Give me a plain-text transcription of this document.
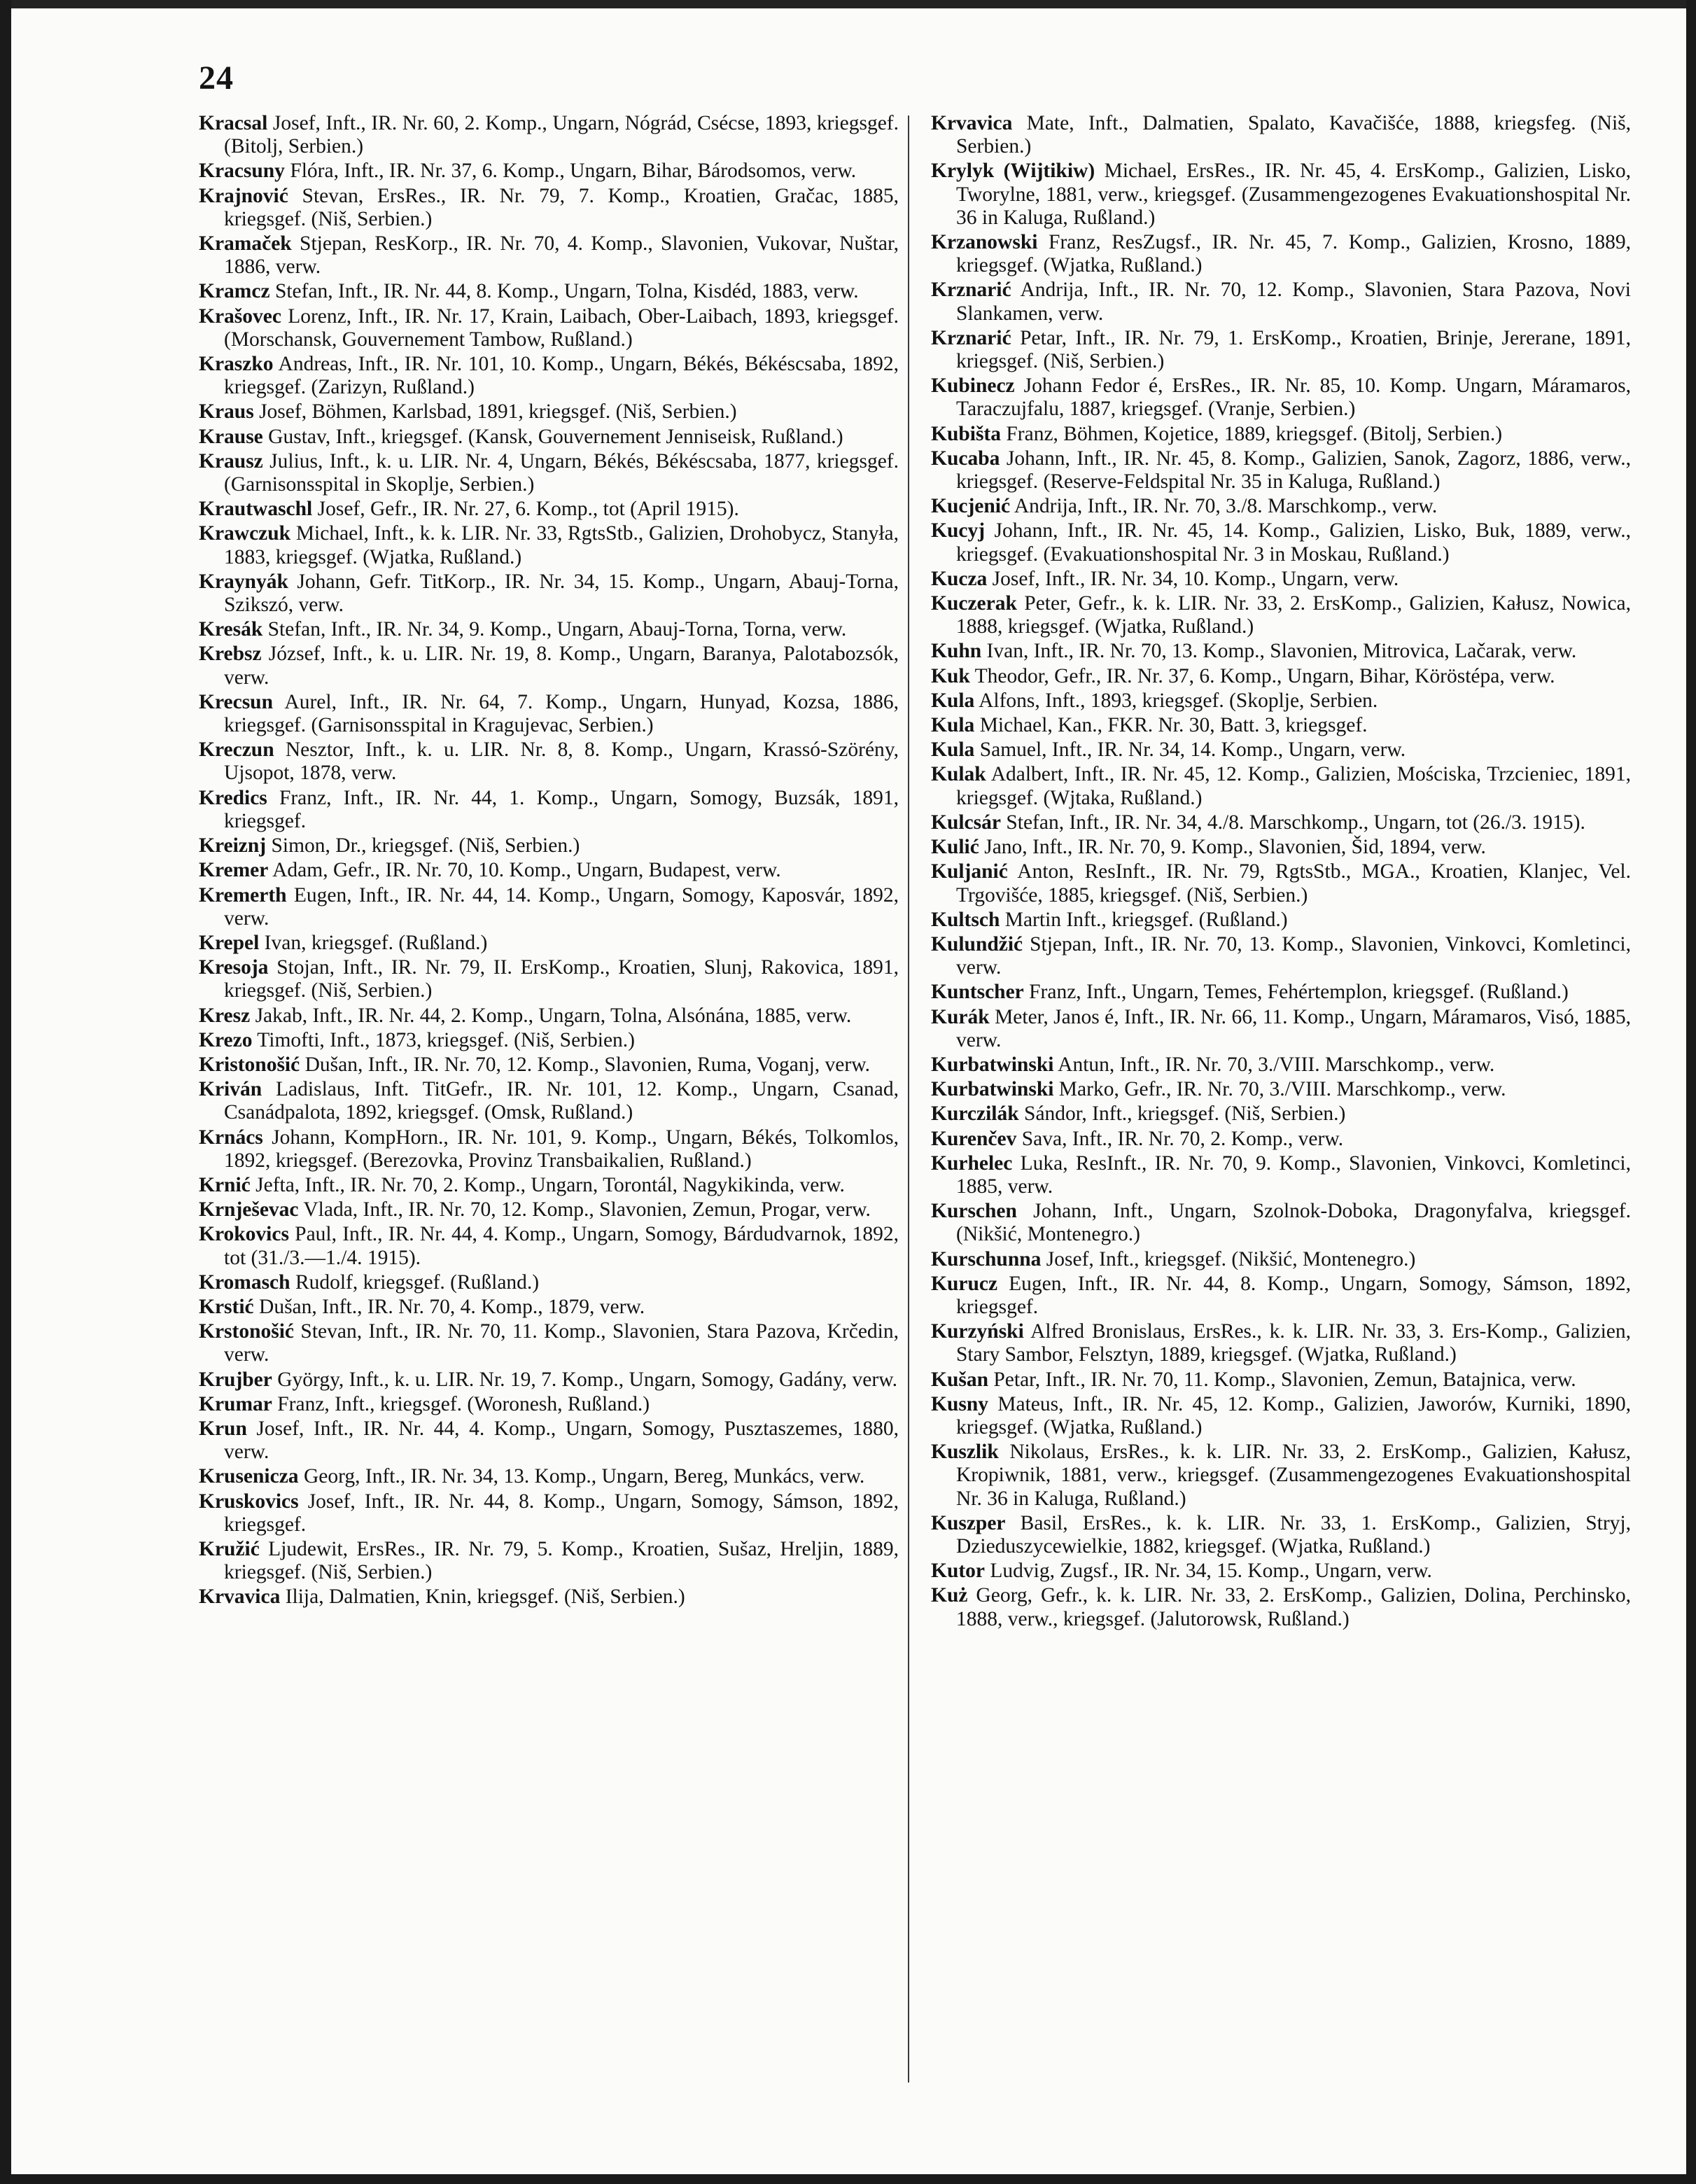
24

Kracsal Josef, Inft., IR. Nr. 60, 2. Komp., Ungarn, Nógrád, Csécse, 1893, kriegsgef. (Bitolj, Serbien.)

Kracsuny Flóra, Inft., IR. Nr. 37, 6. Komp., Ungarn, Bihar, Bárodsomos, verw.

Krajnović Stevan, ErsRes., IR. Nr. 79, 7. Komp., Kroatien, Gračac, 1885, kriegsgef. (Niš, Serbien.)

Kramaček Stjepan, ResKorp., IR. Nr. 70, 4. Komp., Slavonien, Vukovar, Nuštar, 1886, verw.

Kramcz Stefan, Inft., IR. Nr. 44, 8. Komp., Ungarn, Tolna, Kisdéd, 1883, verw.

Krašovec Lorenz, Inft., IR. Nr. 17, Krain, Laibach, Ober-Laibach, 1893, kriegsgef. (Morschansk, Gouvernement Tambow, Rußland.)

Kraszko Andreas, Inft., IR. Nr. 101, 10. Komp., Ungarn, Békés, Békéscsaba, 1892, kriegsgef. (Zarizyn, Rußland.)

Kraus Josef, Böhmen, Karlsbad, 1891, kriegsgef. (Niš, Serbien.)

Krause Gustav, Inft., kriegsgef. (Kansk, Gouvernement Jenniseisk, Rußland.)

Krausz Julius, Inft., k. u. LIR. Nr. 4, Ungarn, Békés, Békéscsaba, 1877, kriegsgef. (Garnisonsspital in Skoplje, Serbien.)

Krautwaschl Josef, Gefr., IR. Nr. 27, 6. Komp., tot (April 1915).

Krawczuk Michael, Inft., k. k. LIR. Nr. 33, RgtsStb., Galizien, Drohobycz, Stanyła, 1883, kriegsgef. (Wjatka, Rußland.)

Kraynyák Johann, Gefr. TitKorp., IR. Nr. 34, 15. Komp., Ungarn, Abauj-Torna, Szikszó, verw.

Kresák Stefan, Inft., IR. Nr. 34, 9. Komp., Ungarn, Abauj-Torna, Torna, verw.

Krebsz József, Inft., k. u. LIR. Nr. 19, 8. Komp., Ungarn, Baranya, Palotabozsók, verw.

Krecsun Aurel, Inft., IR. Nr. 64, 7. Komp., Ungarn, Hunyad, Kozsa, 1886, kriegsgef. (Garnisonsspital in Kragujevac, Serbien.)

Kreczun Nesztor, Inft., k. u. LIR. Nr. 8, 8. Komp., Ungarn, Krassó-Szörény, Ujsopot, 1878, verw.

Kredics Franz, Inft., IR. Nr. 44, 1. Komp., Ungarn, Somogy, Buzsák, 1891, kriegsgef.

Kreiznj Simon, Dr., kriegsgef. (Niš, Serbien.)

Kremer Adam, Gefr., IR. Nr. 70, 10. Komp., Ungarn, Budapest, verw.

Kremerth Eugen, Inft., IR. Nr. 44, 14. Komp., Ungarn, Somogy, Kaposvár, 1892, verw.

Krepel Ivan, kriegsgef. (Rußland.)

Kresoja Stojan, Inft., IR. Nr. 79, II. ErsKomp., Kroatien, Slunj, Rakovica, 1891, kriegsgef. (Niš, Serbien.)

Kresz Jakab, Inft., IR. Nr. 44, 2. Komp., Ungarn, Tolna, Alsónána, 1885, verw.

Krezo Timofti, Inft., 1873, kriegsgef. (Niš, Serbien.)

Kristonošić Dušan, Inft., IR. Nr. 70, 12. Komp., Slavonien, Ruma, Voganj, verw.

Kriván Ladislaus, Inft. TitGefr., IR. Nr. 101, 12. Komp., Ungarn, Csanad, Csanádpalota, 1892, kriegsgef. (Omsk, Rußland.)

Krnács Johann, KompHorn., IR. Nr. 101, 9. Komp., Ungarn, Békés, Tolkomlos, 1892, kriegsgef. (Berezovka, Provinz Transbaikalien, Rußland.)

Krnić Jefta, Inft., IR. Nr. 70, 2. Komp., Ungarn, Torontál, Nagykikinda, verw.

Krnješevac Vlada, Inft., IR. Nr. 70, 12. Komp., Slavonien, Zemun, Progar, verw.

Krokovics Paul, Inft., IR. Nr. 44, 4. Komp., Ungarn, Somogy, Bárdudvarnok, 1892, tot (31./3.—1./4. 1915).

Kromasch Rudolf, kriegsgef. (Rußland.)

Krstić Dušan, Inft., IR. Nr. 70, 4. Komp., 1879, verw.

Krstonošić Stevan, Inft., IR. Nr. 70, 11. Komp., Slavonien, Stara Pazova, Krčedin, verw.

Krujber György, Inft., k. u. LIR. Nr. 19, 7. Komp., Ungarn, Somogy, Gadány, verw.

Krumar Franz, Inft., kriegsgef. (Woronesh, Rußland.)

Krun Josef, Inft., IR. Nr. 44, 4. Komp., Ungarn, Somogy, Pusztaszemes, 1880, verw.

Krusenicza Georg, Inft., IR. Nr. 34, 13. Komp., Ungarn, Bereg, Munkács, verw.

Kruskovics Josef, Inft., IR. Nr. 44, 8. Komp., Ungarn, Somogy, Sámson, 1892, kriegsgef.

Kružić Ljudewit, ErsRes., IR. Nr. 79, 5. Komp., Kroatien, Sušaz, Hreljin, 1889, kriegsgef. (Niš, Serbien.)

Krvavica Ilija, Dalmatien, Knin, kriegsgef. (Niš, Serbien.)

Krvavica Mate, Inft., Dalmatien, Spalato, Kavačišće, 1888, kriegsfeg. (Niš, Serbien.)

Krylyk (Wijtikiw) Michael, ErsRes., IR. Nr. 45, 4. ErsKomp., Galizien, Lisko, Tworylne, 1881, verw., kriegsgef. (Zusammengezogenes Evakuationshospital Nr. 36 in Kaluga, Rußland.)

Krzanowski Franz, ResZugsf., IR. Nr. 45, 7. Komp., Galizien, Krosno, 1889, kriegsgef. (Wjatka, Rußland.)

Krznarić Andrija, Inft., IR. Nr. 70, 12. Komp., Slavonien, Stara Pazova, Novi Slankamen, verw.

Krznarić Petar, Inft., IR. Nr. 79, 1. ErsKomp., Kroatien, Brinje, Jererane, 1891, kriegsgef. (Niš, Serbien.)

Kubinecz Johann Fedor é, ErsRes., IR. Nr. 85, 10. Komp. Ungarn, Máramaros, Taraczujfalu, 1887, kriegsgef. (Vranje, Serbien.)

Kubišta Franz, Böhmen, Kojetice, 1889, kriegsgef. (Bitolj, Serbien.)

Kucaba Johann, Inft., IR. Nr. 45, 8. Komp., Galizien, Sanok, Zagorz, 1886, verw., kriegsgef. (Reserve-Feldspital Nr. 35 in Kaluga, Rußland.)

Kucjenić Andrija, Inft., IR. Nr. 70, 3./8. Marschkomp., verw.

Kucyj Johann, Inft., IR. Nr. 45, 14. Komp., Galizien, Lisko, Buk, 1889, verw., kriegsgef. (Evakuationshospital Nr. 3 in Moskau, Rußland.)

Kucza Josef, Inft., IR. Nr. 34, 10. Komp., Ungarn, verw.

Kuczerak Peter, Gefr., k. k. LIR. Nr. 33, 2. ErsKomp., Galizien, Kałusz, Nowica, 1888, kriegsgef. (Wjatka, Rußland.)

Kuhn Ivan, Inft., IR. Nr. 70, 13. Komp., Slavonien, Mitrovica, Lačarak, verw.

Kuk Theodor, Gefr., IR. Nr. 37, 6. Komp., Ungarn, Bihar, Köröstépa, verw.

Kula Alfons, Inft., 1893, kriegsgef. (Skoplje, Serbien.

Kula Michael, Kan., FKR. Nr. 30, Batt. 3, kriegsgef.

Kula Samuel, Inft., IR. Nr. 34, 14. Komp., Ungarn, verw.

Kulak Adalbert, Inft., IR. Nr. 45, 12. Komp., Galizien, Mościska, Trzcieniec, 1891, kriegsgef. (Wjtaka, Rußland.)

Kulcsár Stefan, Inft., IR. Nr. 34, 4./8. Marschkomp., Ungarn, tot (26./3. 1915).

Kulić Jano, Inft., IR. Nr. 70, 9. Komp., Slavonien, Šid, 1894, verw.

Kuljanić Anton, ResInft., IR. Nr. 79, RgtsStb., MGA., Kroatien, Klanjec, Vel. Trgovišće, 1885, kriegsgef. (Niš, Serbien.)

Kultsch Martin Inft., kriegsgef. (Rußland.)

Kulundžić Stjepan, Inft., IR. Nr. 70, 13. Komp., Slavonien, Vinkovci, Komletinci, verw.

Kuntscher Franz, Inft., Ungarn, Temes, Fehértemplon, kriegsgef. (Rußland.)

Kurák Meter, Janos é, Inft., IR. Nr. 66, 11. Komp., Ungarn, Máramaros, Visó, 1885, verw.

Kurbatwinski Antun, Inft., IR. Nr. 70, 3./VIII. Marschkomp., verw.

Kurbatwinski Marko, Gefr., IR. Nr. 70, 3./VIII. Marschkomp., verw.

Kurczilák Sándor, Inft., kriegsgef. (Niš, Serbien.)

Kurenčev Sava, Inft., IR. Nr. 70, 2. Komp., verw.

Kurhelec Luka, ResInft., IR. Nr. 70, 9. Komp., Slavonien, Vinkovci, Komletinci, 1885, verw.

Kurschen Johann, Inft., Ungarn, Szolnok-Doboka, Dragonyfalva, kriegsgef. (Nikšić, Montenegro.)

Kurschunna Josef, Inft., kriegsgef. (Nikšić, Montenegro.)

Kurucz Eugen, Inft., IR. Nr. 44, 8. Komp., Ungarn, Somogy, Sámson, 1892, kriegsgef.

Kurzyński Alfred Bronislaus, ErsRes., k. k. LIR. Nr. 33, 3. Ers-Komp., Galizien, Stary Sambor, Felsztyn, 1889, kriegsgef. (Wjatka, Rußland.)

Kušan Petar, Inft., IR. Nr. 70, 11. Komp., Slavonien, Zemun, Batajnica, verw.

Kusny Mateus, Inft., IR. Nr. 45, 12. Komp., Galizien, Jaworów, Kurniki, 1890, kriegsgef. (Wjatka, Rußland.)

Kuszlik Nikolaus, ErsRes., k. k. LIR. Nr. 33, 2. ErsKomp., Galizien, Kałusz, Kropiwnik, 1881, verw., kriegsgef. (Zusammengezogenes Evakuationshospital Nr. 36 in Kaluga, Rußland.)

Kuszper Basil, ErsRes., k. k. LIR. Nr. 33, 1. ErsKomp., Galizien, Stryj, Dzieduszycewielkie, 1882, kriegsgef. (Wjatka, Rußland.)

Kutor Ludvig, Zugsf., IR. Nr. 34, 15. Komp., Ungarn, verw.

Kuż Georg, Gefr., k. k. LIR. Nr. 33, 2. ErsKomp., Galizien, Dolina, Perchinsko, 1888, verw., kriegsgef. (Jalutorowsk, Rußland.)
